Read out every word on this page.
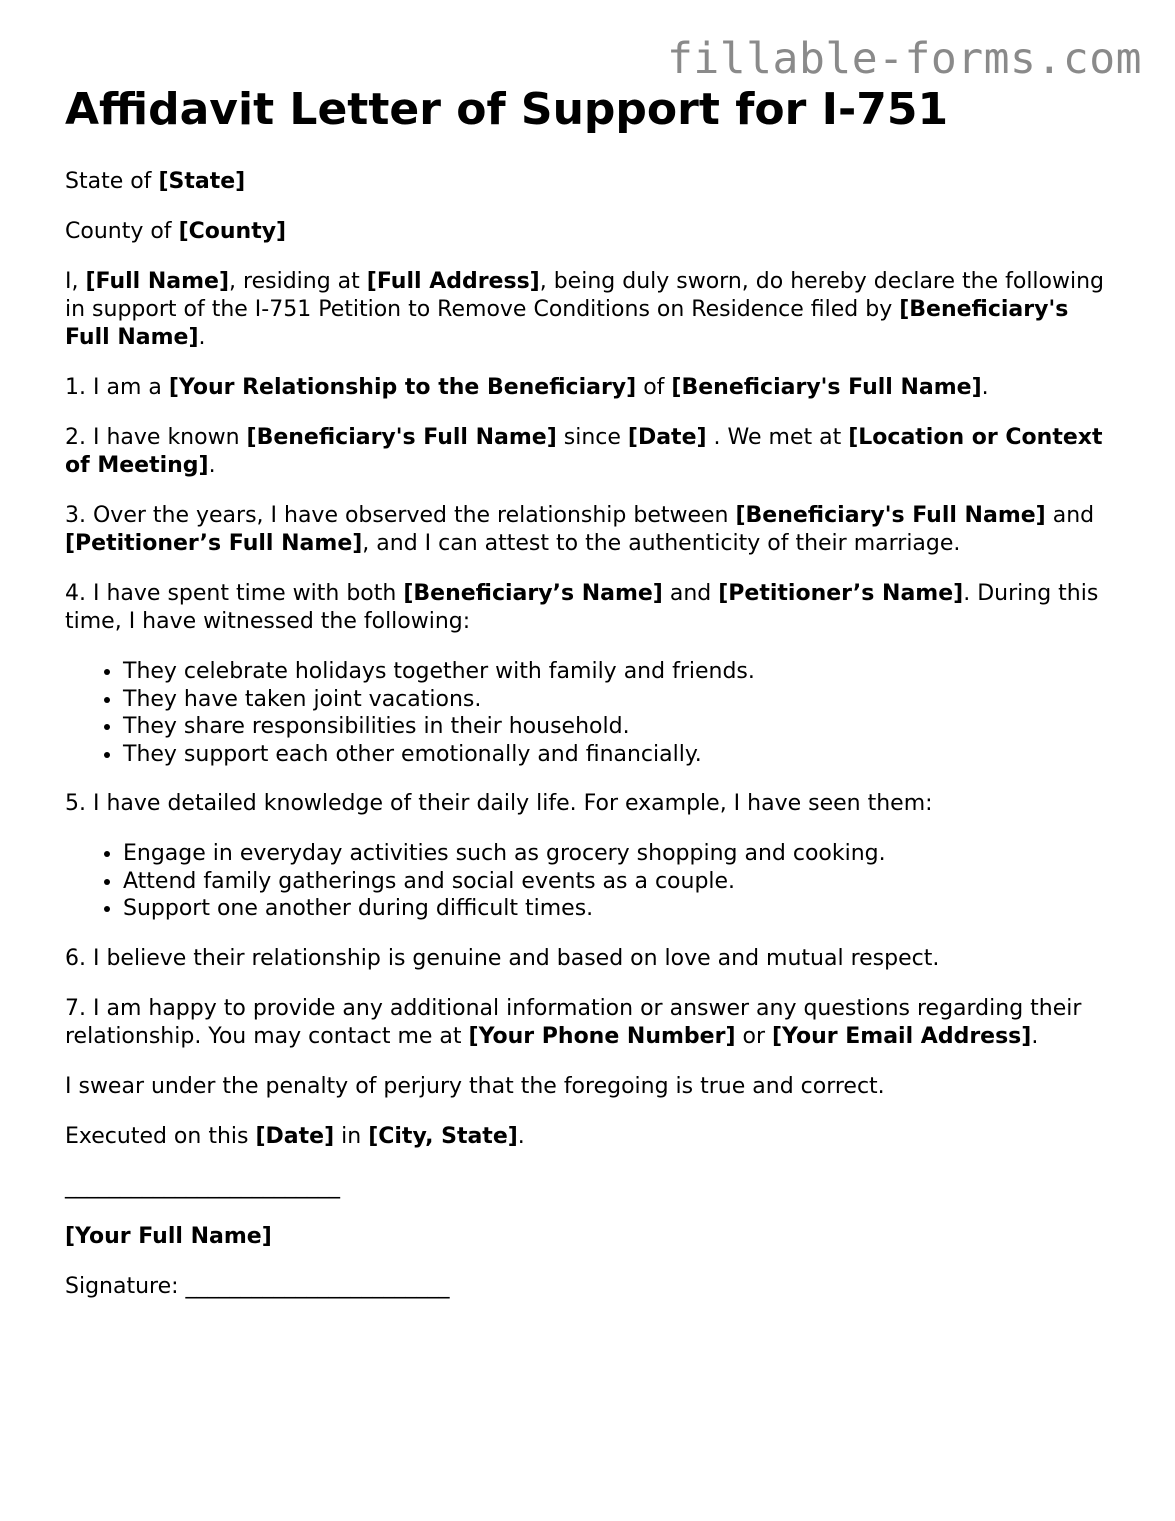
fillable-forms.com
Affidavit Letter of Support for I-751

State of [State]

County of [County]

I, [Full Name], residing at [Full Address], being duly sworn, do hereby declare the following in support of the I-751 Petition to Remove Conditions on Residence filed by [Beneficiary's Full Name].

1. I am a [Your Relationship to the Beneficiary] of [Beneficiary's Full Name].

2. I have known [Beneficiary's Full Name] since [Date] . We met at [Location or Context of Meeting].

3. Over the years, I have observed the relationship between [Beneficiary's Full Name] and [Petitioner’s Full Name], and I can attest to the authenticity of their marriage.

4. I have spent time with both [Beneficiary’s Name] and [Petitioner’s Name]. During this time, I have witnessed the following:

• They celebrate holidays together with family and friends.
• They have taken joint vacations.
• They share responsibilities in their household.
• They support each other emotionally and financially.

5. I have detailed knowledge of their daily life. For example, I have seen them:

• Engage in everyday activities such as grocery shopping and cooking.
• Attend family gatherings and social events as a couple.
• Support one another during difficult times.

6. I believe their relationship is genuine and based on love and mutual respect.

7. I am happy to provide any additional information or answer any questions regarding their relationship. You may contact me at [Your Phone Number] or [Your Email Address].

I swear under the penalty of perjury that the foregoing is true and correct.

Executed on this [Date] in [City, State].

_________________________

[Your Full Name]

Signature: ________________________
